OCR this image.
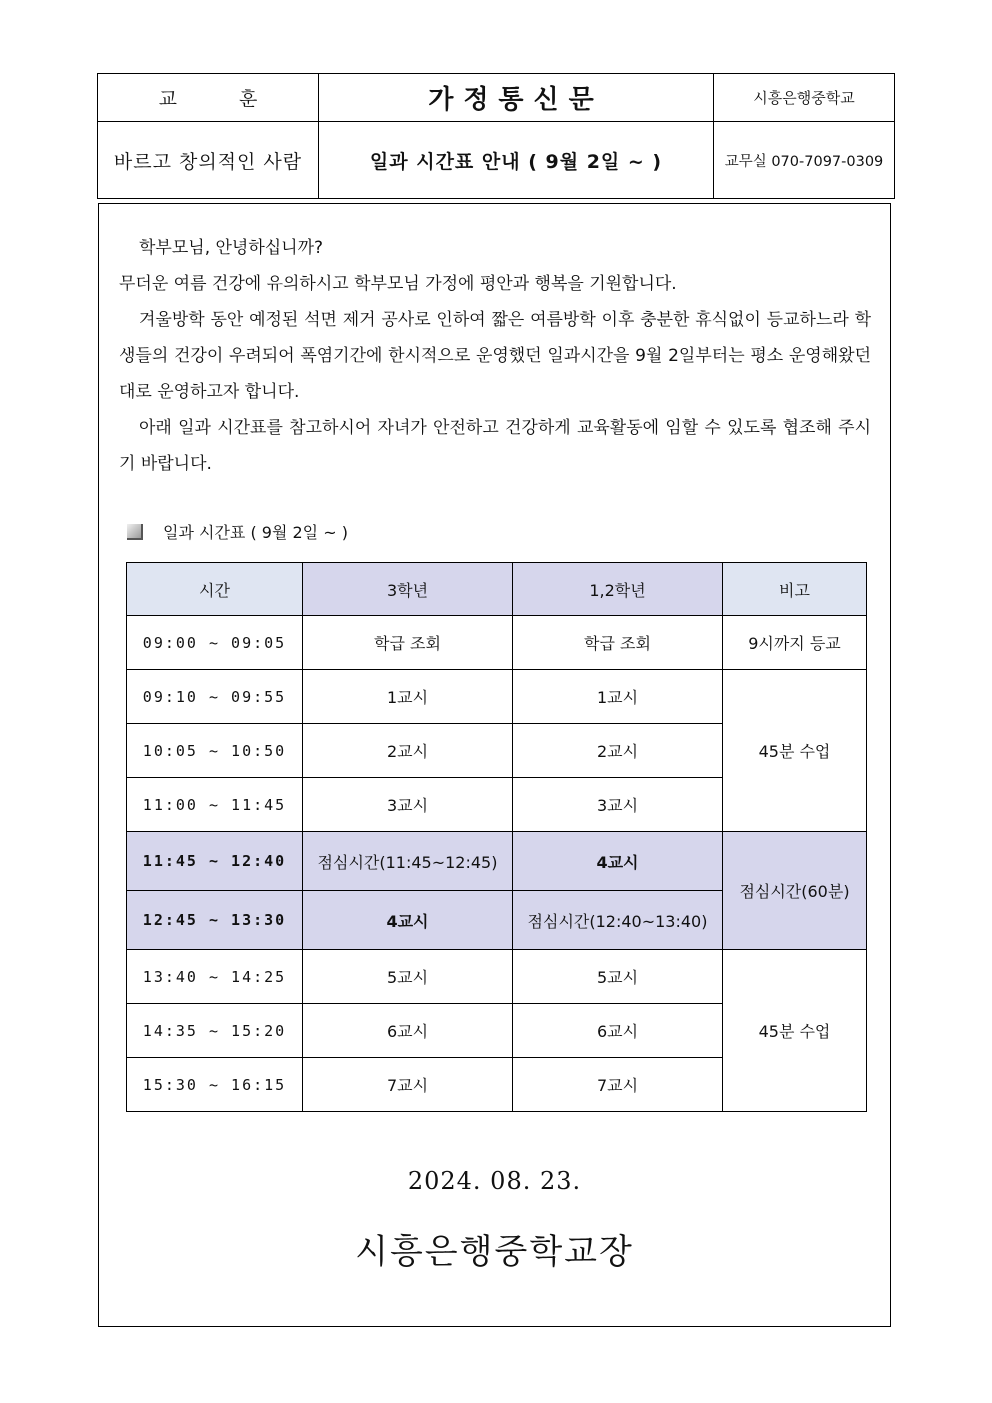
교 훈	가정통신문	시흥은행중학교
바르고 창의적인 사람	일과 시간표 안내 ( 9월 2일 ~ )	교무실 070-7097-0309

학부모님, 안녕하십니까?

무더운 여름 건강에 유의하시고 학부모님 가정에 평안과 행복을 기원합니다.

겨울방학 동안 예정된 석면 제거 공사로 인하여 짧은 여름방학 이후 충분한 휴식없이 등교하느라 학생들의 건강이 우려되어 폭염기간에 한시적으로 운영했던 일과시간을 9월 2일부터는 평소 운영해왔던 대로 운영하고자 합니다.

아래 일과 시간표를 참고하시어 자녀가 안전하고 건강하게 교육활동에 임할 수 있도록 협조해 주시기 바랍니다.

일과 시간표 ( 9월 2일 ~ )
시간	3학년	1,2학년	비고
09:00 ~ 09:05	학급 조회	학급 조회	9시까지 등교
09:10 ~ 09:55	1교시	1교시	45분 수업
10:05 ~ 10:50	2교시	2교시	
11:00 ~ 11:45	3교시	3교시	
11:45 ~ 12:40	점심시간(11:45~12:45)	4교시	점심시간(60분)
12:45 ~ 13:30	4교시	점심시간(12:40~13:40)	
13:40 ~ 14:25	5교시	5교시	45분 수업
14:35 ~ 15:20	6교시	6교시	
15:30 ~ 16:15	7교시	7교시	
2024. 08. 23.
시흥은행중학교장
